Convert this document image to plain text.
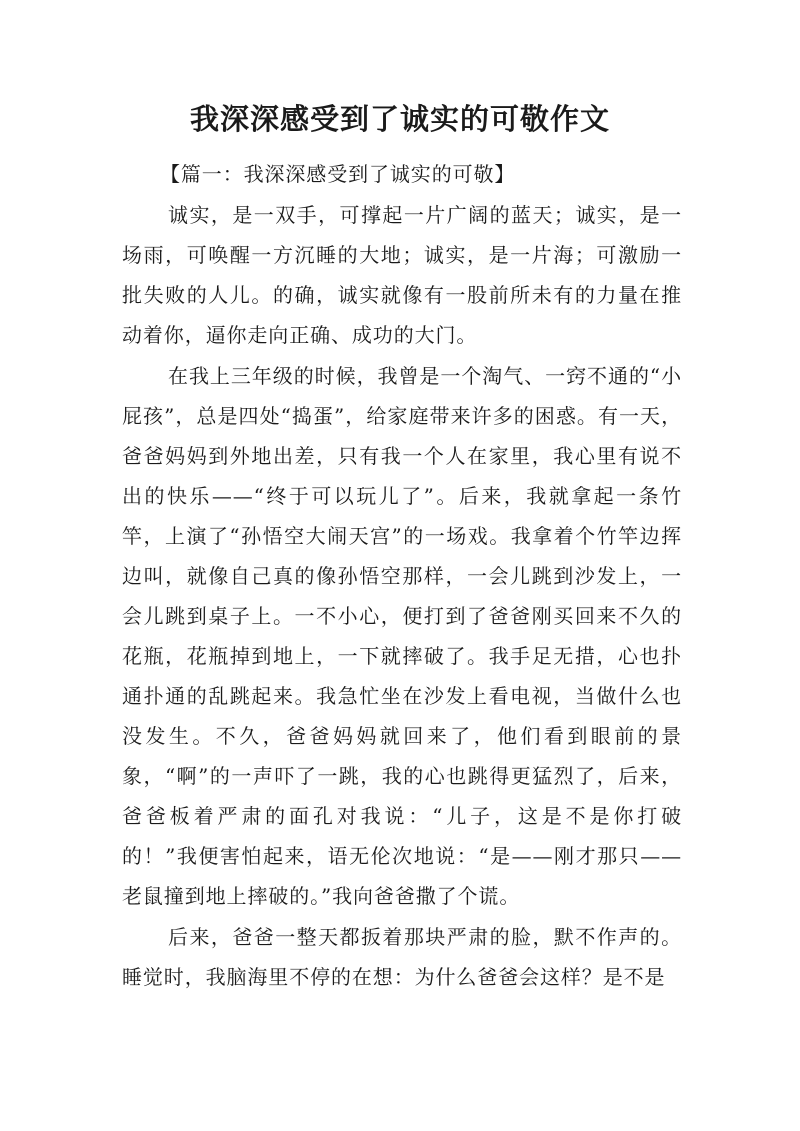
我深深感受到了诚实的可敬作文

【篇一：我深深感受到了诚实的可敬】

诚实，是一双手，可撑起一片广阔的蓝天；诚实，是一场雨，可唤醒一方沉睡的大地；诚实，是一片海；可激励一批失败的人儿。的确，诚实就像有一股前所未有的力量在推动着你，逼你走向正确、成功的大门。

在我上三年级的时候，我曾是一个淘气、一窍不通的“小屁孩”，总是四处“捣蛋”，给家庭带来许多的困惑。有一天，爸爸妈妈到外地出差，只有我一个人在家里，我心里有说不出的快乐——“终于可以玩儿了”。后来，我就拿起一条竹竿，上演了“孙悟空大闹天宫”的一场戏。我拿着个竹竿边挥边叫，就像自己真的像孙悟空那样，一会儿跳到沙发上，一会儿跳到桌子上。一不小心，便打到了爸爸刚买回来不久的花瓶，花瓶掉到地上，一下就摔破了。我手足无措，心也扑通扑通的乱跳起来。我急忙坐在沙发上看电视，当做什么也没发生。不久，爸爸妈妈就回来了，他们看到眼前的景象，“啊”的一声吓了一跳，我的心也跳得更猛烈了，后来，爸爸板着严肃的面孔对我说：“儿子，这是不是你打破的！”我便害怕起来，语无伦次地说：“是——刚才那只——老鼠撞到地上摔破的。”我向爸爸撒了个谎。

后来，爸爸一整天都扳着那块严肃的脸，默不作声的。睡觉时，我脑海里不停的在想：为什么爸爸会这样？是不是
